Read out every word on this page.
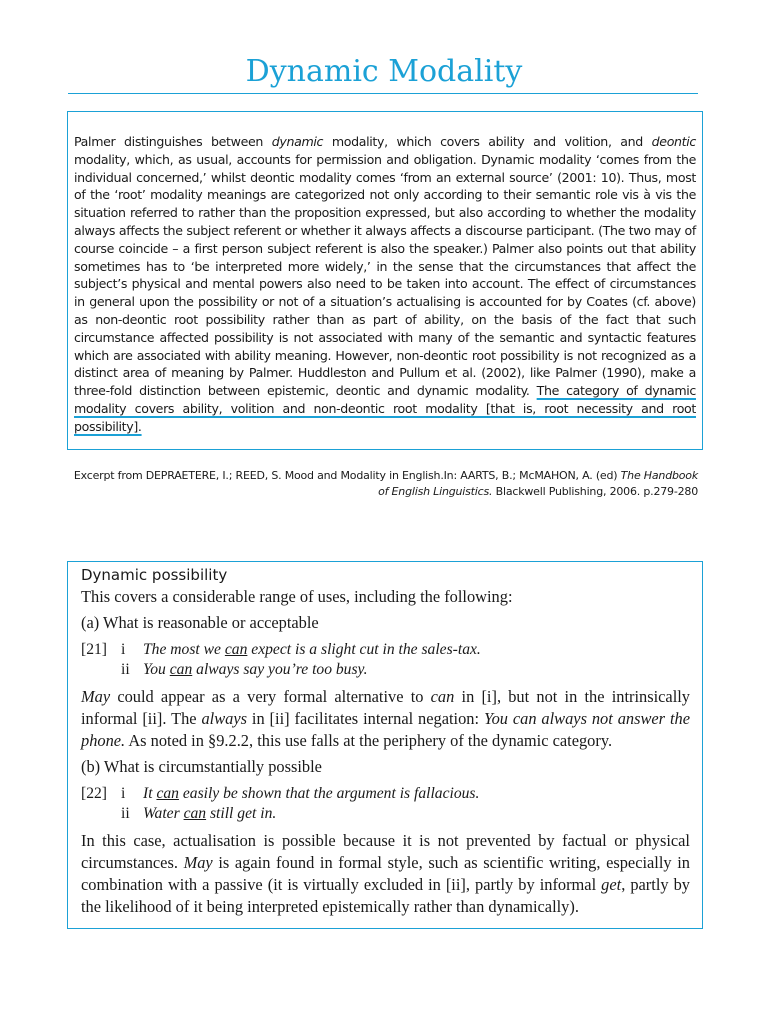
Dynamic Modality

Palmer distinguishes between dynamic modality, which covers ability and volition, and deontic modality, which, as usual, accounts for permission and obligation. Dynamic modality ‘comes from the individual concerned,’ whilst deontic modality comes ‘from an external source’ (2001: 10). Thus, most of the ‘root’ modality meanings are categorized not only according to their semantic role vis à vis the situation referred to rather than the proposition expressed, but also according to whether the modality always affects the subject referent or whether it always affects a discourse participant. (The two may of course coincide – a first person subject referent is also the speaker.) Palmer also points out that ability sometimes has to ‘be interpreted more widely,’ in the sense that the circumstances that affect the subject’s physical and mental powers also need to be taken into account. The effect of circumstances in general upon the possibility or not of a situation’s actualising is accounted for by Coates (cf. above) as non-deontic root possibility rather than as part of ability, on the basis of the fact that such circumstance affected possibility is not associated with many of the semantic and syntactic features which are associated with ability meaning. However, non-deontic root possibility is not recognized as a distinct area of meaning by Palmer. Huddleston and Pullum et al. (2002), like Palmer (1990), make a three-fold distinction between epistemic, deontic and dynamic modality. The category of dynamic modality covers ability, volition and non-deontic root modality [that is, root necessity and root possibility].

Excerpt from DEPRAETERE, I.; REED, S. Mood and Modality in English.In: AARTS, B.; McMAHON, A. (ed) The Handbook
of English Linguistics. Blackwell Publishing, 2006. p.279-280
Dynamic possibility
This covers a considerable range of uses, including the following:
(a) What is reasonable or acceptable
[21] i	The most we can expect is a slight cut in the sales-tax.
ii You can always say you’re too busy.

May could appear as a very formal alternative to can in [i], but not in the intrinsically informal [ii]. The always in [ii] facilitates internal negation: You can always not answer the phone. As noted in §9.2.2, this use falls at the periphery of the dynamic category.

(b) What is circumstantially possible
[22] i	It can easily be shown that the argument is fallacious.
ii Water can still get in.

In this case, actualisation is possible because it is not prevented by factual or physical circumstances. May is again found in formal style, such as scientific writing, especially in combination with a passive (it is virtually excluded in [ii], partly by informal get, partly by the likelihood of it being interpreted epistemically rather than dynamically).
